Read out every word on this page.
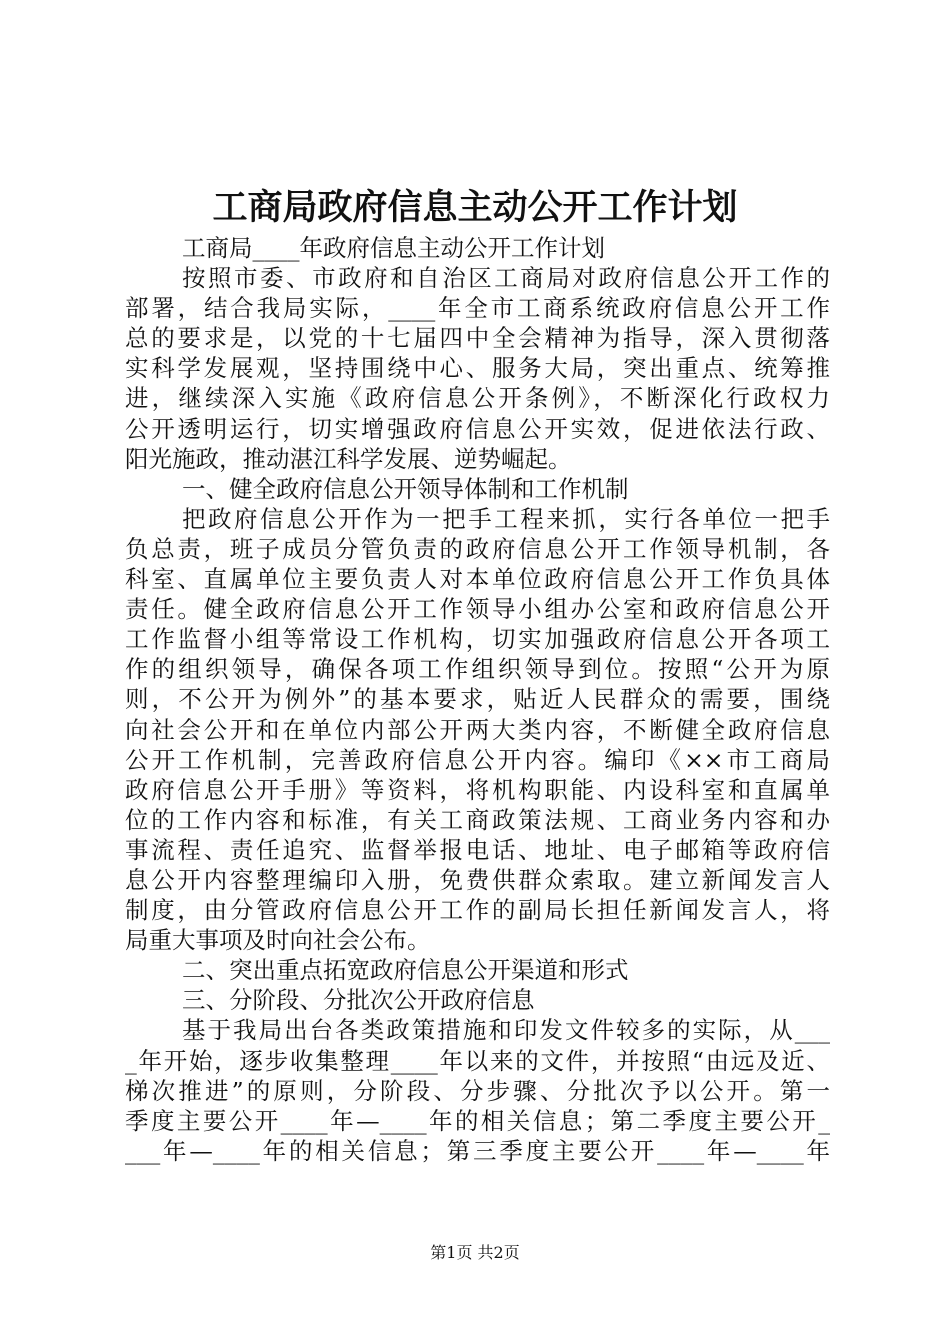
工商局政府信息主动公开工作计划
工商局____年政府信息主动公开工作计划
按照市委、市政府和自治区工商局对政府信息公开工作的
部署，结合我局实际，____年全市工商系统政府信息公开工作
总的要求是，以党的十七届四中全会精神为指导，深入贯彻落
实科学发展观，坚持围绕中心、服务大局，突出重点、统筹推
进，继续深入实施《政府信息公开条例》，不断深化行政权力
公开透明运行，切实增强政府信息公开实效，促进依法行政、
阳光施政，推动湛江科学发展、逆势崛起。
一、健全政府信息公开领导体制和工作机制
把政府信息公开作为一把手工程来抓，实行各单位一把手
负总责，班子成员分管负责的政府信息公开工作领导机制，各
科室、直属单位主要负责人对本单位政府信息公开工作负具体
责任。健全政府信息公开工作领导小组办公室和政府信息公开
工作监督小组等常设工作机构，切实加强政府信息公开各项工
作的组织领导，确保各项工作组织领导到位。按照“公开为原
则，不公开为例外”的基本要求，贴近人民群众的需要，围绕
向社会公开和在单位内部公开两大类内容，不断健全政府信息
公开工作机制，完善政府信息公开内容。编印《××市工商局
政府信息公开手册》等资料，将机构职能、内设科室和直属单
位的工作内容和标准，有关工商政策法规、工商业务内容和办
事流程、责任追究、监督举报电话、地址、电子邮箱等政府信
息公开内容整理编印入册，免费供群众索取。建立新闻发言人
制度，由分管政府信息公开工作的副局长担任新闻发言人，将
局重大事项及时向社会公布。
二、突出重点拓宽政府信息公开渠道和形式
三、分阶段、分批次公开政府信息
基于我局出台各类政策措施和印发文件较多的实际，从___
_年开始，逐步收集整理____年以来的文件，并按照“由远及近、
梯次推进”的原则，分阶段、分步骤、分批次予以公开。第一
季度主要公开____年—____年的相关信息；第二季度主要公开_
___年—____年的相关信息；第三季度主要公开____年—____年
第1页 共2页
